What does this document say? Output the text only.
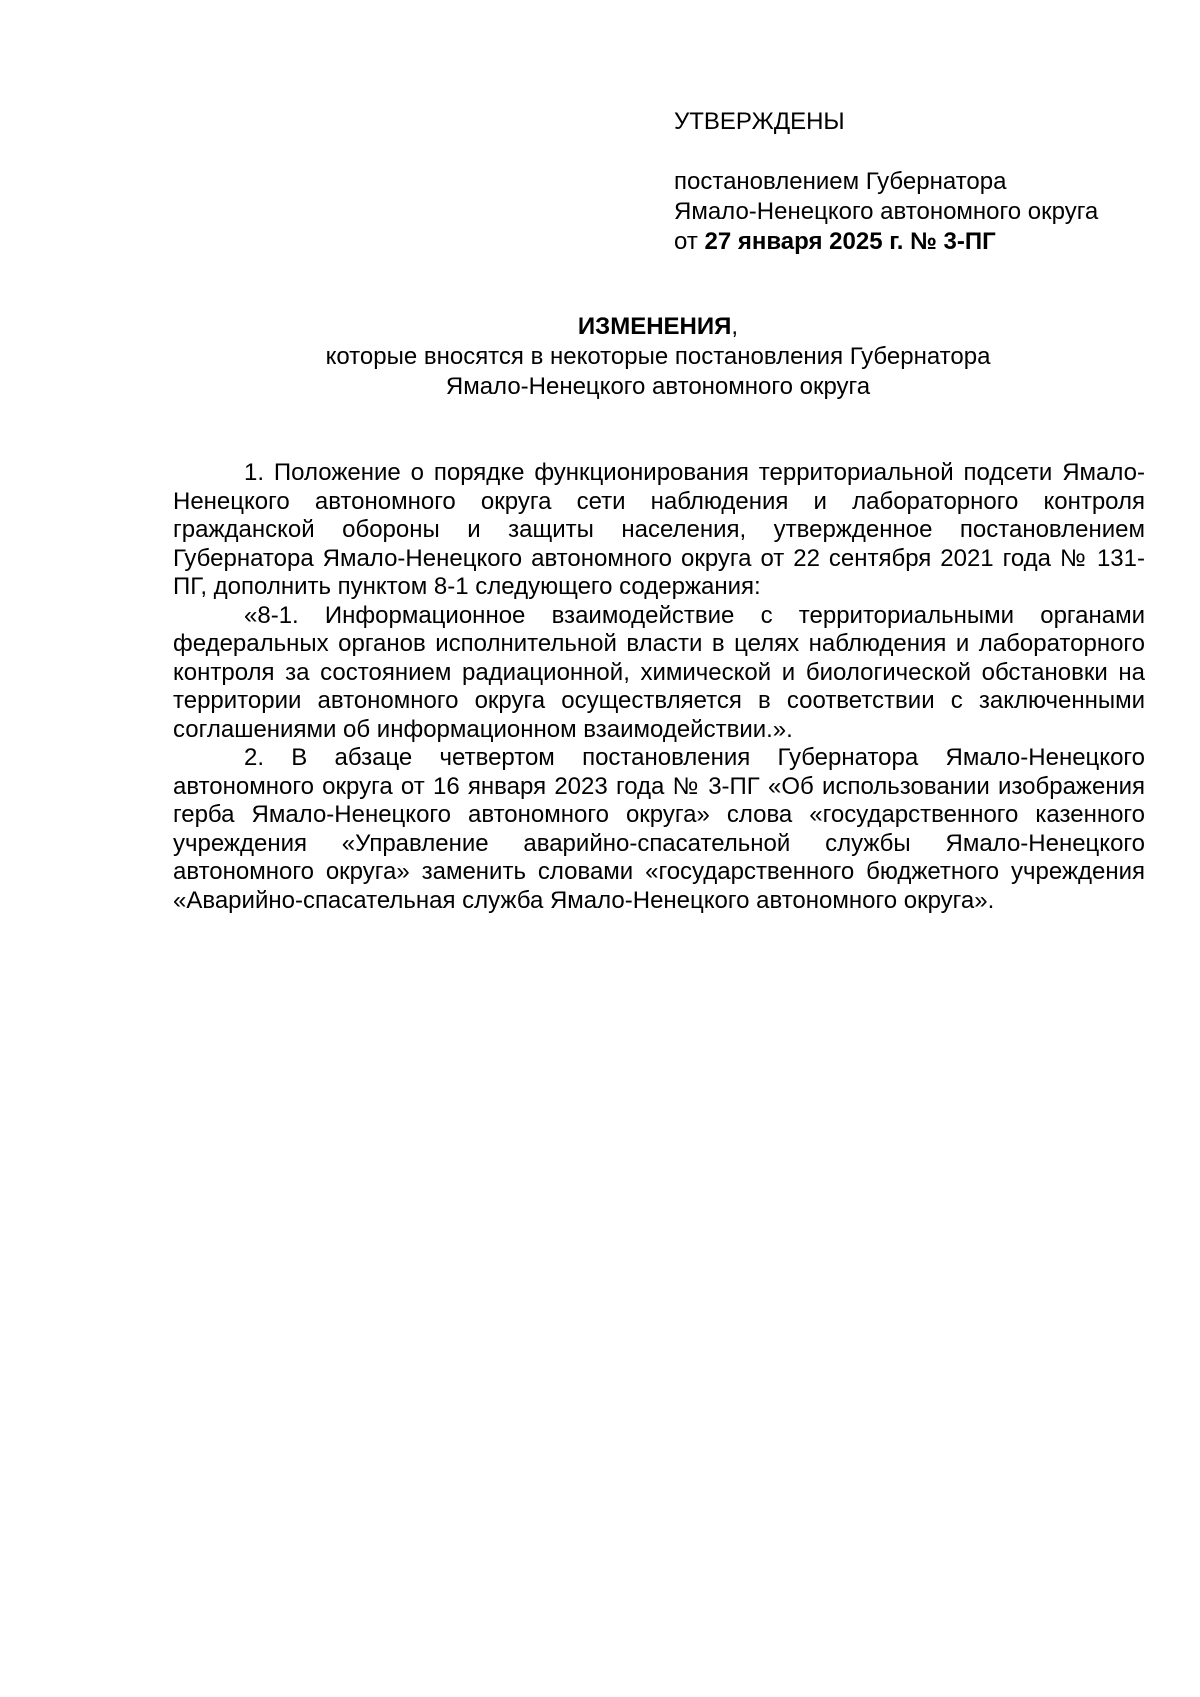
УТВЕРЖДЕНЫ
постановлением Губернатора
Ямало-Ненецкого автономного округа
от 27 января 2025 г. № 3-ПГ
ИЗМЕНЕНИЯ,
которые вносятся в некоторые постановления Губернатора
Ямало-Ненецкого автономного округа

1. Положение о порядке функционирования территориальной подсети Ямало-Ненецкого автономного округа сети наблюдения и лабораторного контроля гражданской обороны и защиты населения, утвержденное постановлением Губернатора Ямало-Ненецкого автономного округа от 22 сентября 2021 года № 131-ПГ, дополнить пунктом 8-1 следующего содержания:

«8-1. Информационное взаимодействие с территориальными органами федеральных органов исполнительной власти в целях наблюдения и лабораторного контроля за состоянием радиационной, химической и биологической обстановки на территории автономного округа осуществляется в соответствии с заключенными соглашениями об информационном взаимодействии.».

2. В абзаце четвертом постановления Губернатора Ямало-Ненецкого автономного округа от 16 января 2023 года № 3-ПГ «Об использовании изображения герба Ямало-Ненецкого автономного округа» слова «государственного казенного учреждения «Управление аварийно-спасательной службы Ямало-Ненецкого автономного округа» заменить словами «государственного бюджетного учреждения «Аварийно-спасательная служба Ямало-Ненецкого автономного округа».
